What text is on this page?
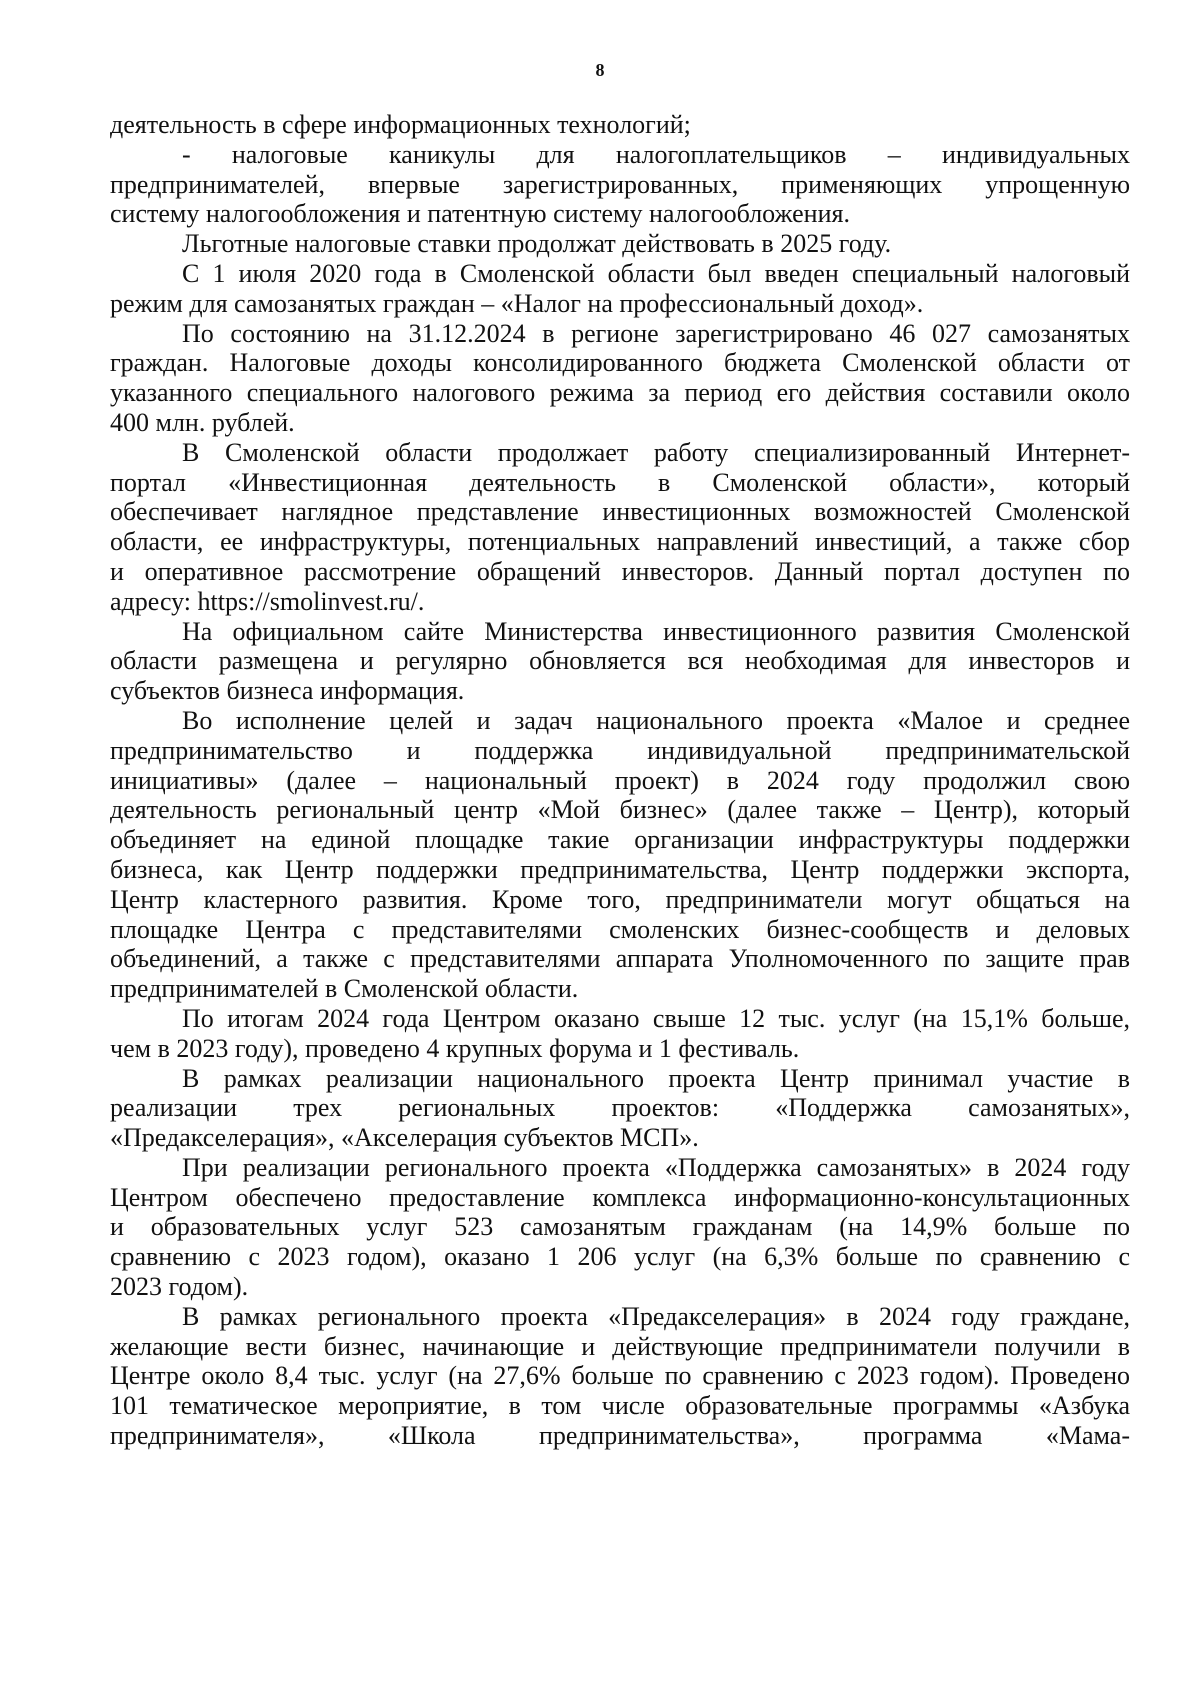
8
деятельность в сфере информационных технологий;
- налоговые каникулы для налогоплательщиков – индивидуальных
предпринимателей, впервые зарегистрированных, применяющих упрощенную
систему налогообложения и патентную систему налогообложения.
Льготные налоговые ставки продолжат действовать в 2025 году.
С 1 июля 2020 года в Смоленской области был введен специальный налоговый
режим для самозанятых граждан – «Налог на профессиональный доход».
По состоянию на 31.12.2024 в регионе зарегистрировано 46 027 самозанятых
граждан. Налоговые доходы консолидированного бюджета Смоленской области от
указанного специального налогового режима за период его действия составили около
400 млн. рублей.
В Смоленской области продолжает работу специализированный Интернет-
портал «Инвестиционная деятельность в Смоленской области», который
обеспечивает наглядное представление инвестиционных возможностей Смоленской
области, ее инфраструктуры, потенциальных направлений инвестиций, а также сбор
и оперативное рассмотрение обращений инвесторов. Данный портал доступен по
адресу: https://smolinvest.ru/.
На официальном сайте Министерства инвестиционного развития Смоленской
области размещена и регулярно обновляется вся необходимая для инвесторов и
субъектов бизнеса информация.
Во исполнение целей и задач национального проекта «Малое и среднее
предпринимательство и поддержка индивидуальной предпринимательской
инициативы» (далее – национальный проект) в 2024 году продолжил свою
деятельность региональный центр «Мой бизнес» (далее также – Центр), который
объединяет на единой площадке такие организации инфраструктуры поддержки
бизнеса, как Центр поддержки предпринимательства, Центр поддержки экспорта,
Центр кластерного развития. Кроме того, предприниматели могут общаться на
площадке Центра с представителями смоленских бизнес-сообществ и деловых
объединений, а также с представителями аппарата Уполномоченного по защите прав
предпринимателей в Смоленской области.
По итогам 2024 года Центром оказано свыше 12 тыс. услуг (на 15,1% больше,
чем в 2023 году), проведено 4 крупных форума и 1 фестиваль.
В рамках реализации национального проекта Центр принимал участие в
реализации трех региональных проектов: «Поддержка самозанятых»,
«Предакселерация», «Акселерация субъектов МСП».
При реализации регионального проекта «Поддержка самозанятых» в 2024 году
Центром обеспечено предоставление комплекса информационно-консультационных
и образовательных услуг 523 самозанятым гражданам (на 14,9% больше по
сравнению с 2023 годом), оказано 1 206 услуг (на 6,3% больше по сравнению с
2023 годом).
В рамках регионального проекта «Предакселерация» в 2024 году граждане,
желающие вести бизнес, начинающие и действующие предприниматели получили в
Центре около 8,4 тыс. услуг (на 27,6% больше по сравнению с 2023 годом). Проведено
101 тематическое мероприятие, в том числе образовательные программы «Азбука
предпринимателя», «Школа предпринимательства», программа «Мама-
